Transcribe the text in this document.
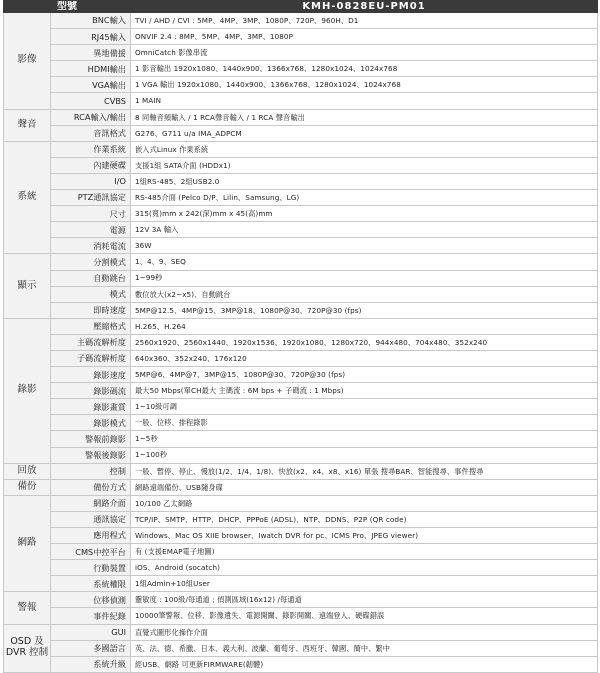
型號		KMH-0828EU-PM01
影像	BNC輸入	TVI / AHD / CVI : 5MP、4MP、3MP、1080P、720P、960H、D1
	RJ45輸入	ONVIF 2.4 : 8MP、5MP、4MP、3MP、1080P
	異地備援	OmniCatch 影像串流
	HDMI輸出	1 影音輸出 1920x1080、1440x900、1366x768、1280x1024、1024x768
	VGA輸出	1 VGA 輸出 1920x1080、1440x900、1366x768、1280x1024、1024x768
	CVBS	1 MAIN
聲音	RCA輸入/輸出	8 同軸音頻輸入 / 1 RCA聲音輸入 / 1 RCA 聲音輸出
	音訊格式	G276、G711 u/a IMA_ADPCM
系統	作業系統	嵌入式Linux 作業系統
	內建硬碟	支援1組 SATA介面 (HDDx1)
	I/O	1組RS-485、2組USB2.0
	PTZ通訊協定	RS-485介面 (Pelco D/P、Lilin、Samsung、LG)
	尺寸	315(寬)mm x 242(深)mm x 45(高)mm
	電源	12V 3A 輸入
	消耗電流	36W
顯示	分割模式	1、4、9、SEQ
	自動跳台	1~99秒
	模式	數位放大(x2~x5)、自動跳台
	即時速度	5MP@12.5、4MP@15、3MP@18、1080P@30、720P@30 (fps)
錄影	壓縮格式	H.265、H.264
	主碼流解析度	2560x1920、2560x1440、1920x1536、1920x1080、1280x720、944x480、704x480、352x240
	子碼流解析度	640x360、352x240、176x120
	錄影速度	5MP@6、4MP@7、3MP@15、1080P@30、720P@30 (fps)
	錄影碼流	最大50 Mbps(單CH最大 主碼流 : 6M bps + 子碼流 : 1 Mbps)
	錄影畫質	1~10級可調
	錄影模式	一般、位移、排程錄影
	警報前錄影	1~5秒
	警報後錄影	1~100秒
回放	控制	一般、暫停、停止、慢放(1/2、1/4、1/8)、快放(x2、x4、x8、x16) 單張 搜尋BAR、智能搜尋、事件搜尋
備份	備份方式	網路遠端備份、USB隨身碟
網路	網路介面	10/100 乙太網路
	通訊協定	TCP/IP、SMTP、HTTP、DHCP、PPPoE (ADSL)、NTP、DDNS、P2P (QR code)
	應用程式	Windows、Mac OS XIIE browser、Iwatch DVR for pc、ICMS Pro、JPEG viewer)
	CMS中控平台	有 (支援EMAP電子地圖)
	行動裝置	iOS、Android (socatch)
	系統權限	1組Admin+10組User
警報	位移偵測	靈敏度 : 100級/每通道 ; 偵測區域(16x12) /每通道
	事件紀錄	10000筆警報、位移、影像遺失、電源開關、錄影開關、遠端登入、硬碟錯誤
OSD 及 DVR 控制	GUI	直覺式圖形化操作介面
	多國語言	英、法、德、希臘、日本、義大利、波蘭、葡萄牙、西班牙、韓國、簡中、繁中
	系統升級	經USB、網路 可更新FIRMWARE(韌體)
